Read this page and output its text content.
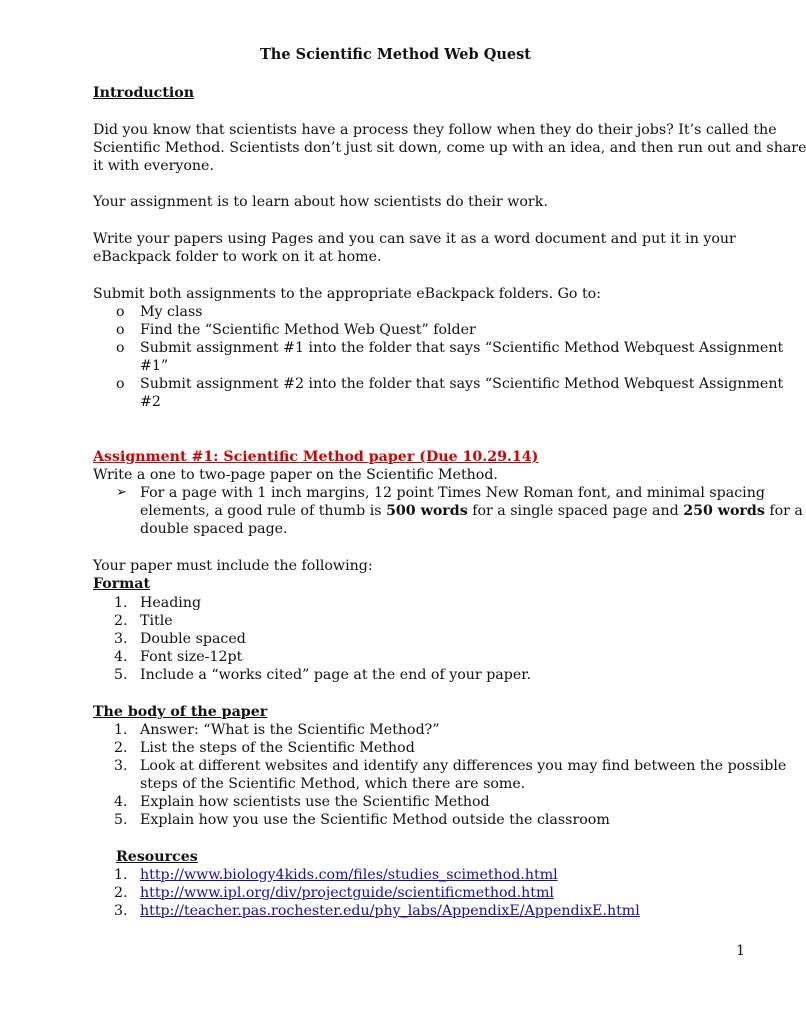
The Scientific Method Web Quest
Introduction
Did you know that scientists have a process they follow when they do their jobs? It’s called the
Scientific Method. Scientists don’t just sit down, come up with an idea, and then run out and share
it with everyone.
Your assignment is to learn about how scientists do their work.
Write your papers using Pages and you can save it as a word document and put it in your
eBackpack folder to work on it at home.
Submit both assignments to the appropriate eBackpack folders. Go to:
o My class
o Find the “Scientific Method Web Quest” folder
o Submit assignment #1 into the folder that says “Scientific Method Webquest Assignment
#1”
o Submit assignment #2 into the folder that says “Scientific Method Webquest Assignment
#2
Assignment #1: Scientific Method paper (Due 10.29.14)
Write a one to two-page paper on the Scientific Method.
➢ For a page with 1 inch margins, 12 point Times New Roman font, and minimal spacing
elements, a good rule of thumb is 500 words for a single spaced page and 250 words for a
double spaced page.
Your paper must include the following:
Format
1. Heading
2. Title
3. Double spaced
4. Font size-12pt
5. Include a “works cited” page at the end of your paper.
The body of the paper
1. Answer: “What is the Scientific Method?”
2. List the steps of the Scientific Method
3. Look at different websites and identify any differences you may find between the possible
steps of the Scientific Method, which there are some.
4. Explain how scientists use the Scientific Method
5. Explain how you use the Scientific Method outside the classroom
Resources
1. http://www.biology4kids.com/files/studies_scimethod.html
2. http://www.ipl.org/div/projectguide/scientificmethod.html
3. http://teacher.pas.rochester.edu/phy_labs/AppendixE/AppendixE.html
1
